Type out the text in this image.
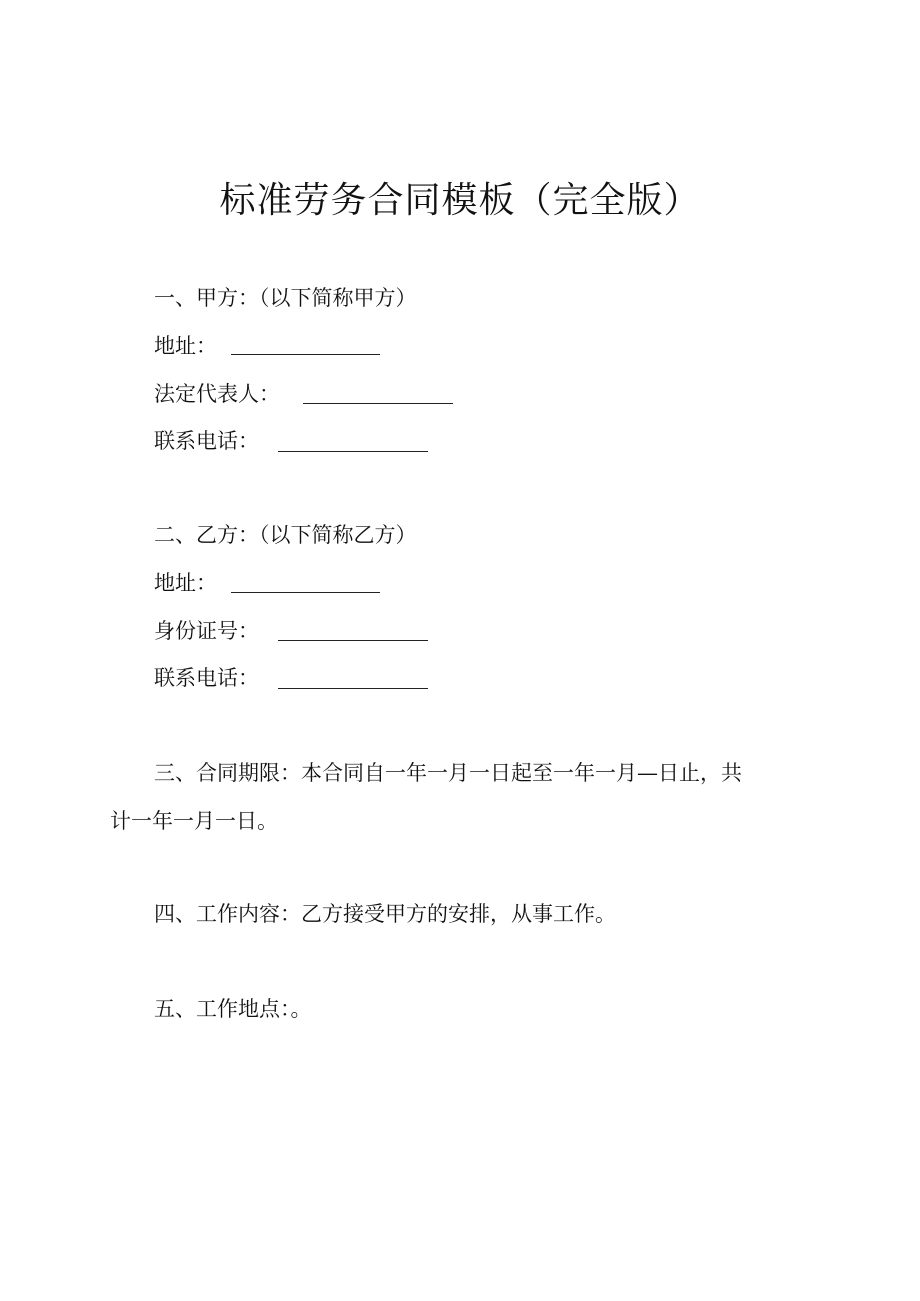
标准劳务合同模板（完全版）
一、甲方：（以下简称甲方）
地址：
法定代表人：
联系电话：
二、乙方：（以下简称乙方）
地址：
身份证号：
联系电话：
三、合同期限：本合同自一年一月一日起至一年一月—日止，共
计一年一月一日。
四、工作内容：乙方接受甲方的安排，从事工作。
五、工作地点：。
